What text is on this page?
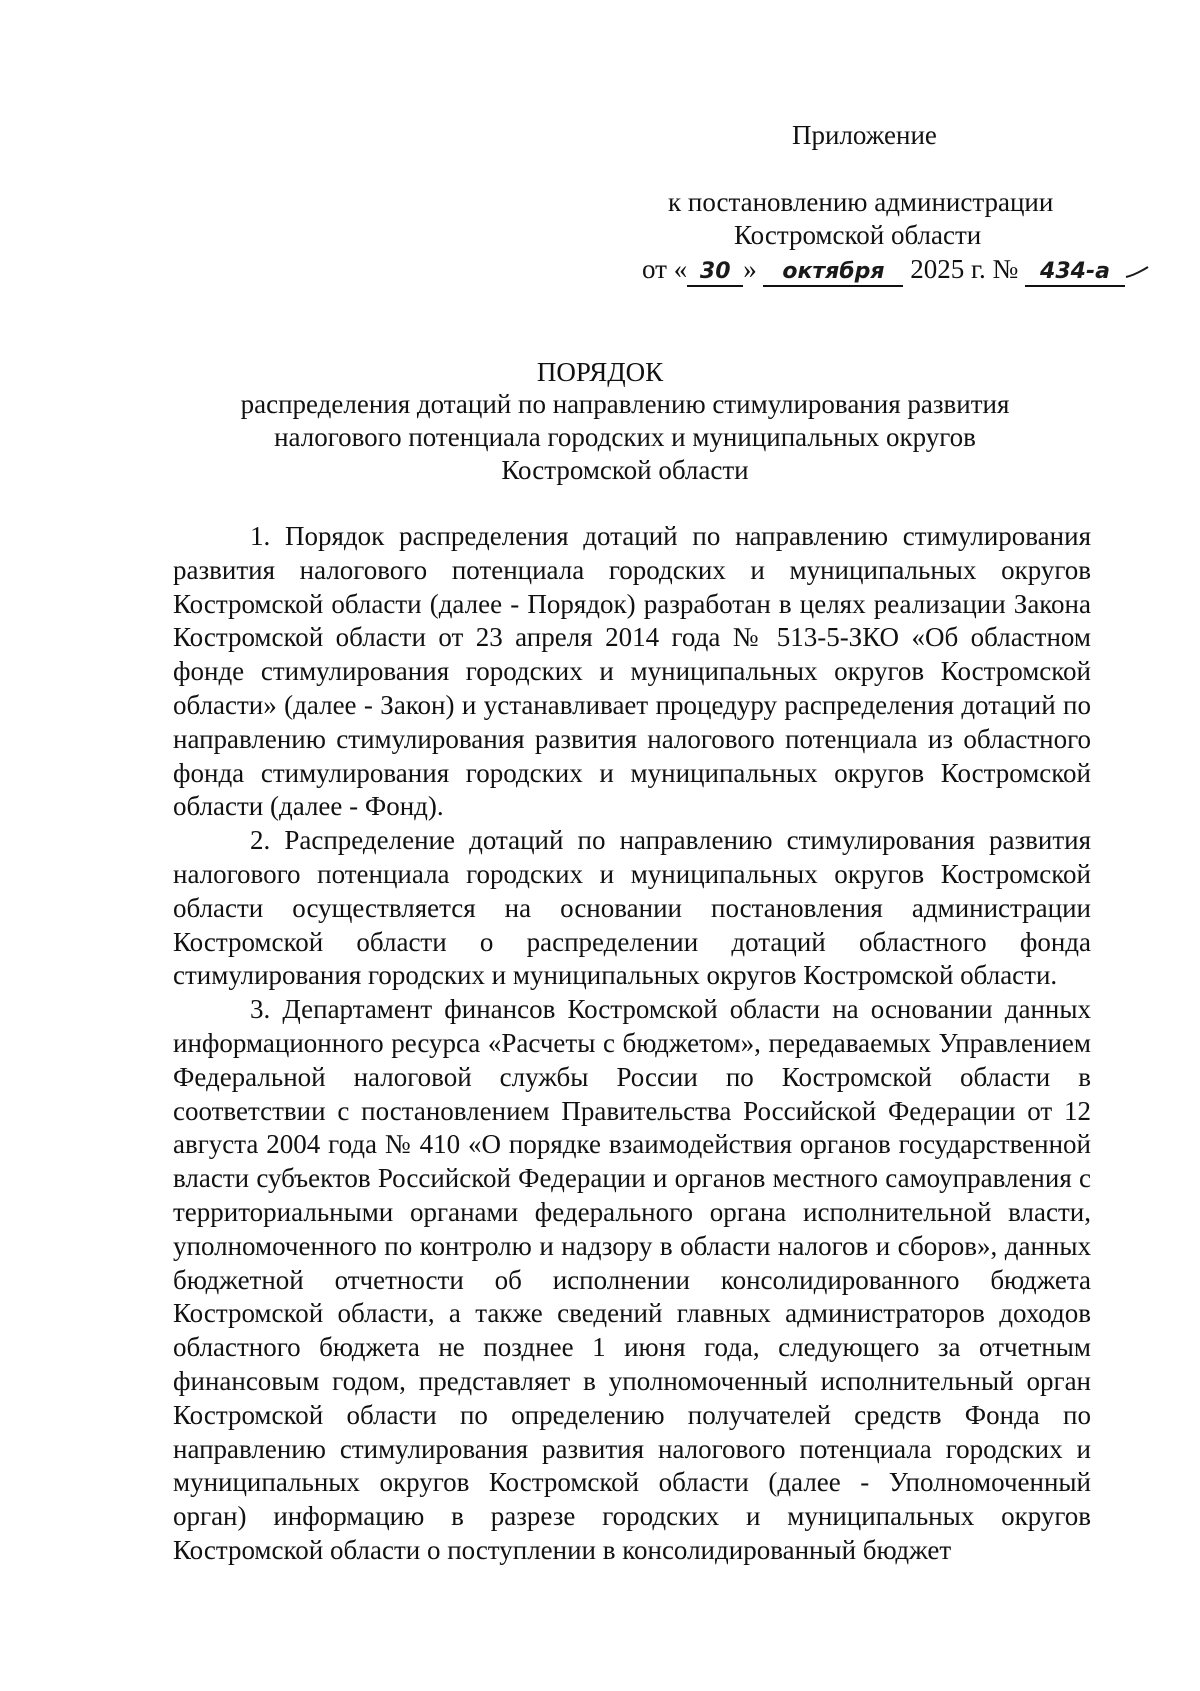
Приложение
к постановлению администрации
Костромской области
от « 30 » октября 2025 г. № 434-а
ПОРЯДОК
распределения дотаций по направлению стимулирования развития налогового потенциала городских и муниципальных округов Костромской области

1. Порядок распределения дотаций по направлению стимулирования развития налогового потенциала городских и муниципальных округов Костромской области (далее - Порядок) разработан в целях реализации Закона Костромской области от 23 апреля 2014 года № 513-5-ЗКО «Об областном фонде стимулирования городских и муниципальных округов Костромской области» (далее - Закон) и устанавливает процедуру распределения дотаций по направлению стимулирования развития налогового потенциала из областного фонда стимулирования городских и муниципальных округов Костромской области (далее - Фонд).

2. Распределение дотаций по направлению стимулирования развития налогового потенциала городских и муниципальных округов Костромской области осуществляется на основании постановления администрации Костромской области о распределении дотаций областного фонда стимулирования городских и муниципальных округов Костромской области.

3. Департамент финансов Костромской области на основании данных информационного ресурса «Расчеты с бюджетом», передаваемых Управлением Федеральной налоговой службы России по Костромской области в соответствии с постановлением Правительства Российской Федерации от 12 августа 2004 года № 410 «О порядке взаимодействия органов государственной власти субъектов Российской Федерации и органов местного самоуправления с территориальными органами федерального органа исполнительной власти, уполномоченного по контролю и надзору в области налогов и сборов», данных бюджетной отчетности об исполнении консолидированного бюджета Костромской области, а также сведений главных администраторов доходов областного бюджета не позднее 1 июня года, следующего за отчетным финансовым годом, представляет в уполномоченный исполнительный орган Костромской области по определению получателей средств Фонда по направлению стимулирования развития налогового потенциала городских и муниципальных округов Костромской области (далее - Уполномоченный орган) информацию в разрезе городских и муниципальных округов Костромской области о поступлении в консолидированный бюджет
